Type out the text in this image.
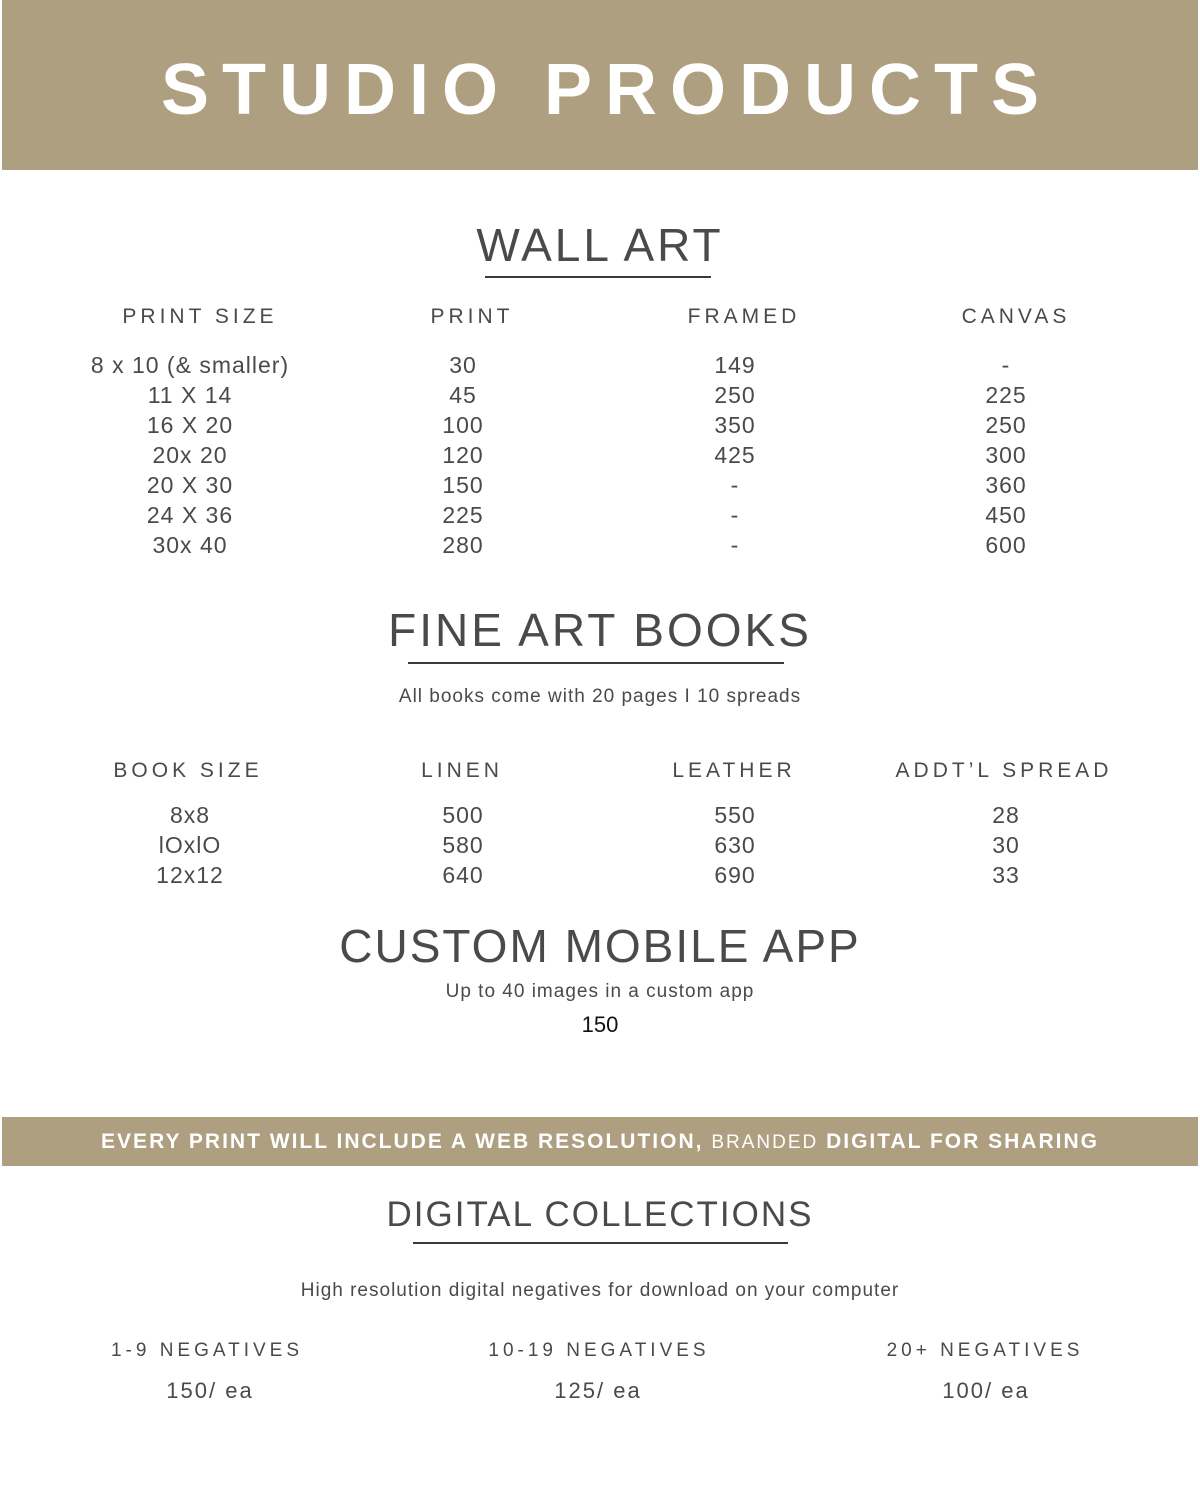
STUDIO PRODUCTS
WALL ART
PRINT SIZE	PRINT	FRAMED	CANVAS
8 x 10 (& smaller)	30	149	-
11 X 14	45	250	225
16 X 20	100	350	250
20x 20	120	425	300
20 X 30	150	-	360
24 X 36	225	-	450
30x 40	280	-	600
FINE ART BOOKS
All books come with 20 pages I 10 spreads
BOOK SIZE	LINEN	LEATHER	ADDT’L SPREAD
8x8	500	550	28
lOxlO	580	630	30
12x12	640	690	33
CUSTOM MOBILE APP
Up to 40 images in a custom app
150
EVERY PRINT WILL INCLUDE A WEB RESOLUTION, BRANDED DIGITAL FOR SHARING
DIGITAL COLLECTIONS
High resolution digital negatives for download on your computer
1-9 NEGATIVES	10-19 NEGATIVES	20+ NEGATIVES
150/ ea	125/ ea	100/ ea
